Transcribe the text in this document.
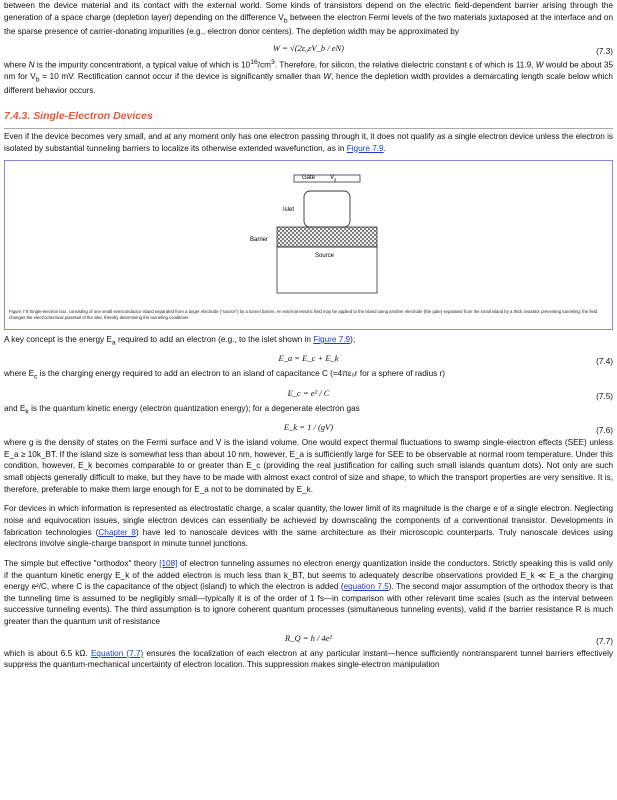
between the device material and its contact with the external world. Some kinds of transistors depend on the electric field-dependent barrier arising through the generation of a space charge (depletion layer) depending on the difference $V_b$ between the electron Fermi levels of the two materials juxtaposed at the interface and on the sparse presence of carrier-donating impurities (e.g., electron donor centers). The depletion width may be approximated by

W = √(2ε₀εV_b / eN)	(7.3)

where N is the impurity concentrationt, a typical value of which is $10^{16}/cm^3$. Therefore, for silicon, the relative dielectric constant ε of which is 11.9, W would be about 35 nm for $V_b = 10$ mV. Rectification cannot occur if the device is significantly smaller than W, hence the depletion width provides a demarcating length scale below which different behavior occurs.

7.4.3. Single-Electron Devices

Even if the device becomes very small, and at any moment only has one electron passing through it, it does not qualify as a single electron device unless the electron is isolated by substantial tunneling barriers to localize its otherwise extended wavefunction, as in Figure 7.9.

Gate $V_g$
Islet
Barrier
Source
Figure 7.9 Single-electron box, consisting of one small semiconductor island separated from a larger electrode ("source") by a tunnel barrier. An external electric field may be applied to the island using another electrode (the gate) separated from the small island by a thick insulator preventing tunneling; the field changes the electrochemical potential of the islet, thereby determining the tunneling conditions

A key concept is the energy $E_a$ required to add an electron (e.g., to the islet shown in Figure 7.9);

E_a = E_c + E_k	(7.4)

where $E_c$ is the charging energy required to add an electron to an island of capacitance C (=4πε₀r for a sphere of radius r)

E_c = e² / C	(7.5)

and $E_k$ is the quantum kinetic energy (electron quantization energy); for a degenerate electron gas

E_k = 1 / (gV)	(7.6)

where g is the density of states on the Fermi surface and V is the island volume. One would expect thermal fluctuations to swamp single-electron effects (SEE) unless E_a ≥ 10k_BT. If the island size is somewhat less than about 10 nm, however, E_a is sufficiently large for SEE to be observable at normal room temperature. Under this condition, however, E_k becomes comparable to or greater than E_c (providing the real justification for calling such small islands quantum dots). Not only are such small objects generally difficult to make, but they have to be made with almost exact control of size and shape, to which the transport properties are very sensitive. It is, therefore, preferable to make them large enough for E_a not to be dominated by E_k.

For devices in which information is represented as electrostatic charge, a scalar quantity, the lower limit of its magnitude is the charge e of a single electron. Neglecting noise and equivocation issues, single electron devices can essentially be achieved by downscaling the components of a conventional transistor. Developments in fabrication technologies (Chapter 8) have led to nanoscale devices with the same architecture as their microscopic counterparts. Truly nanoscale devices using electrons involve single-charge transport in minute tunnel junctions.

The simple but effective "orthodox" theory [108] of electron tunneling assumes no electron energy quantization inside the conductors. Strictly speaking this is valid only if the quantum kinetic energy E_k of the added electron is much less than k_BT, but seems to adequately describe observations provided E_k ≪ E_a the charging energy e²/C, where C is the capacitance of the object (island) to which the electron is added (equation 7.5). The second major assumption of the orthodox theory is that the tunneling time is assumed to be negligibly small—typically it is of the order of 1 fs—in comparison with other relevant time scales (such as the interval between successive tunneling events). The third assumption is to ignore coherent quantum processes (simultaneous tunneling events), valid if the barrier resistance R is much greater than the quantum unit of resistance

R_Q = h / 4e²	(7.7)

which is about 6.5 kΩ. Equation (7.7) ensures the localization of each electron at any particular instant—hence sufficiently nontransparent tunnel barriers effectively suppress the quantum-mechanical uncertainty of electron location. This suppression makes single-electron manipulation
